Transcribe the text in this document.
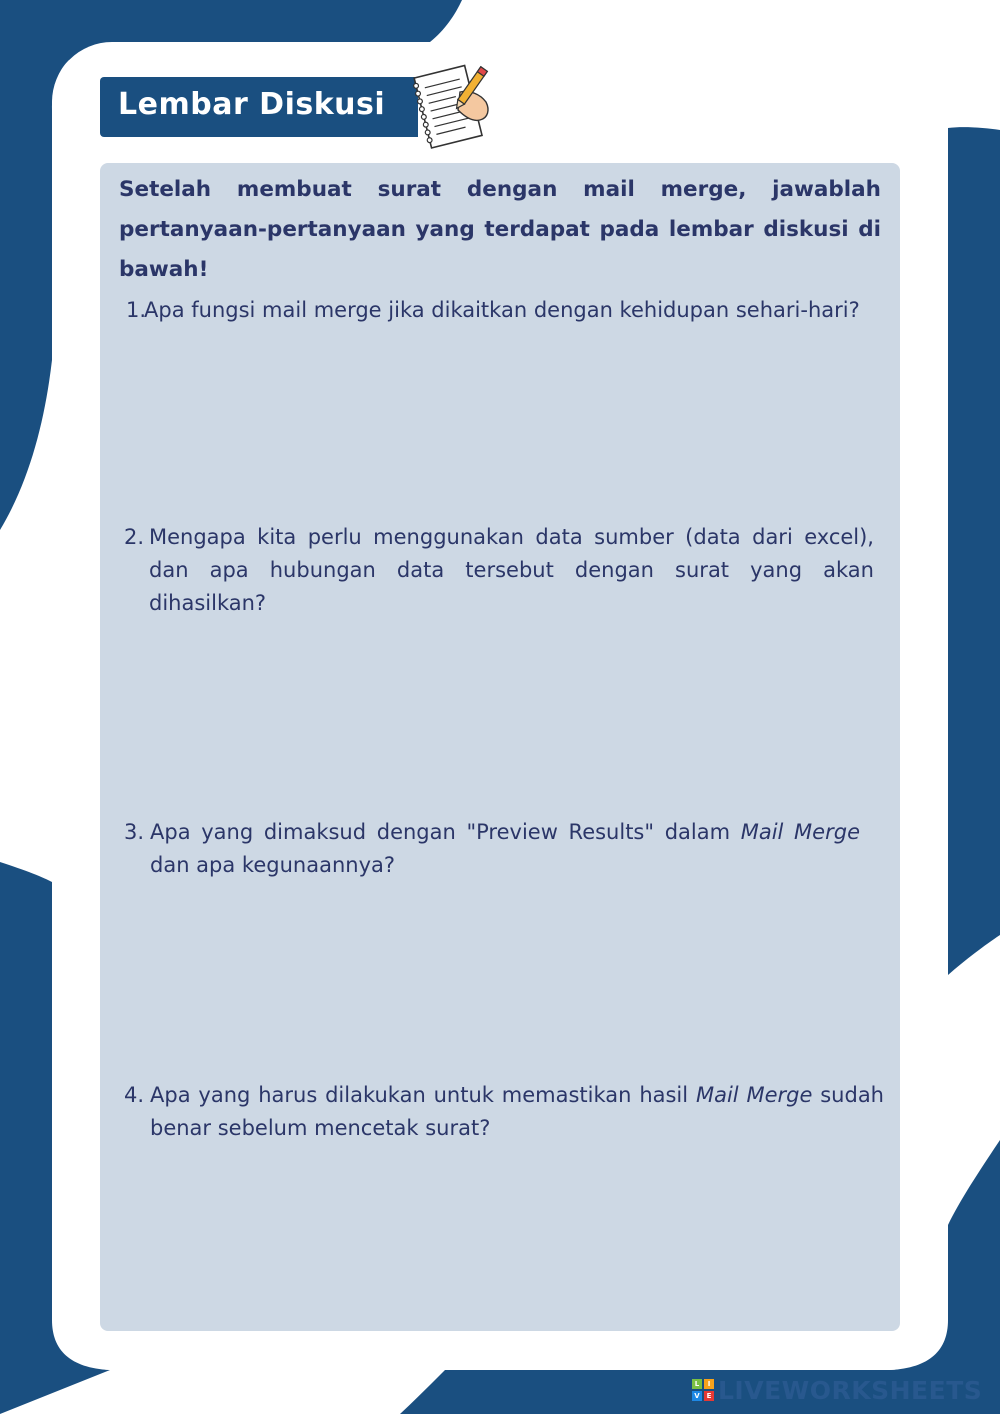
Lembar Diskusi
Setelah membuat surat dengan mail merge, jawablah pertanyaan-pertanyaan yang terdapat pada lembar diskusi di bawah!
1.
Apa fungsi mail merge jika dikaitkan dengan kehidupan sehari-hari?
2. Mengapa kita perlu menggunakan data sumber (data dari excel), dan apa hubungan data tersebut dengan surat yang akan dihasilkan?
3. Apa yang dimaksud dengan "Preview Results" dalam Mail Merge dan apa kegunaannya?
4. Apa yang harus dilakukan untuk memastikan hasil Mail Merge sudah benar sebelum mencetak surat?
L	I
V E LIVEWORKSHEETS
